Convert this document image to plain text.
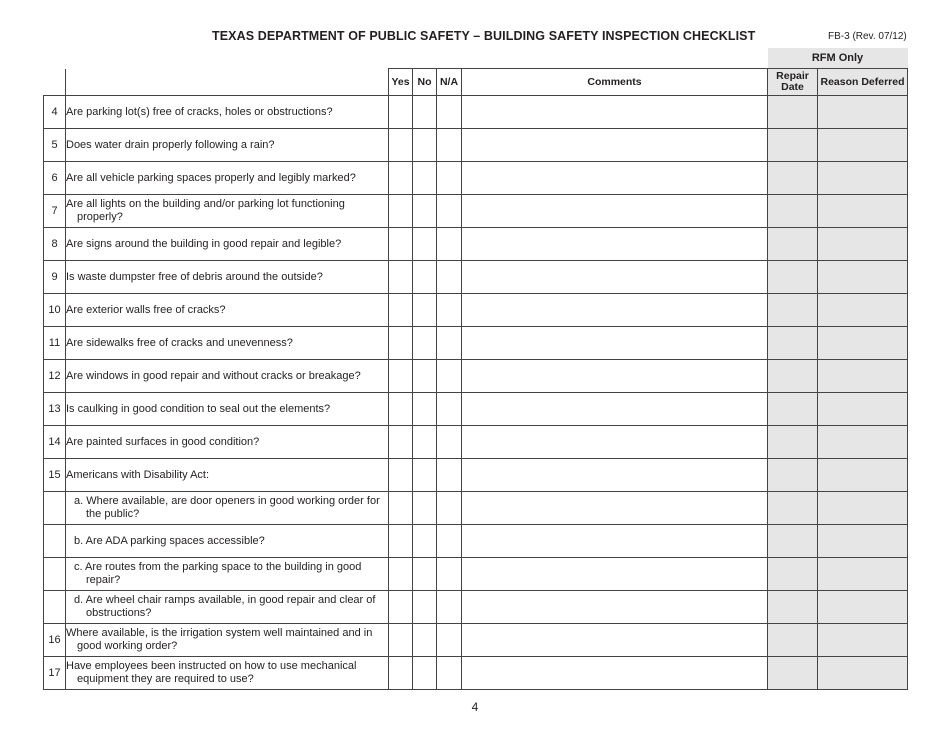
TEXAS DEPARTMENT OF PUBLIC SAFETY – BUILDING SAFETY INSPECTION CHECKLIST	FB-3 (Rev. 07/12)
						RFM Only	
		Yes	No	N/A	Comments	Repair Date	Reason Deferred
4	Are parking lot(s) free of cracks, holes or obstructions?						

5	Does water drain properly following a rain?						

6	Are all vehicle parking spaces properly and legibly marked?						

7	Are all lights on the building and/or parking lot functioning properly?						

8	Are signs around the building in good repair and legible?						

9	Is waste dumpster free of debris around the outside?						

10	Are exterior walls free of cracks?						

11	Are sidewalks free of cracks and unevenness?						

12	Are windows in good repair and without cracks or breakage?						

13	Is caulking in good condition to seal out the elements?						

14	Are painted surfaces in good condition?						

15	Americans with Disability Act:						

	a. Where available, are door openers in good working order for the public?						

	b. Are ADA parking spaces accessible?						

	c. Are routes from the parking space to the building in good repair?						

	d. Are wheel chair ramps available, in good repair and clear of obstructions?						

16	Where available, is the irrigation system well maintained and in good working order?						

17	Have employees been instructed on how to use mechanical equipment they are required to use?						

4
